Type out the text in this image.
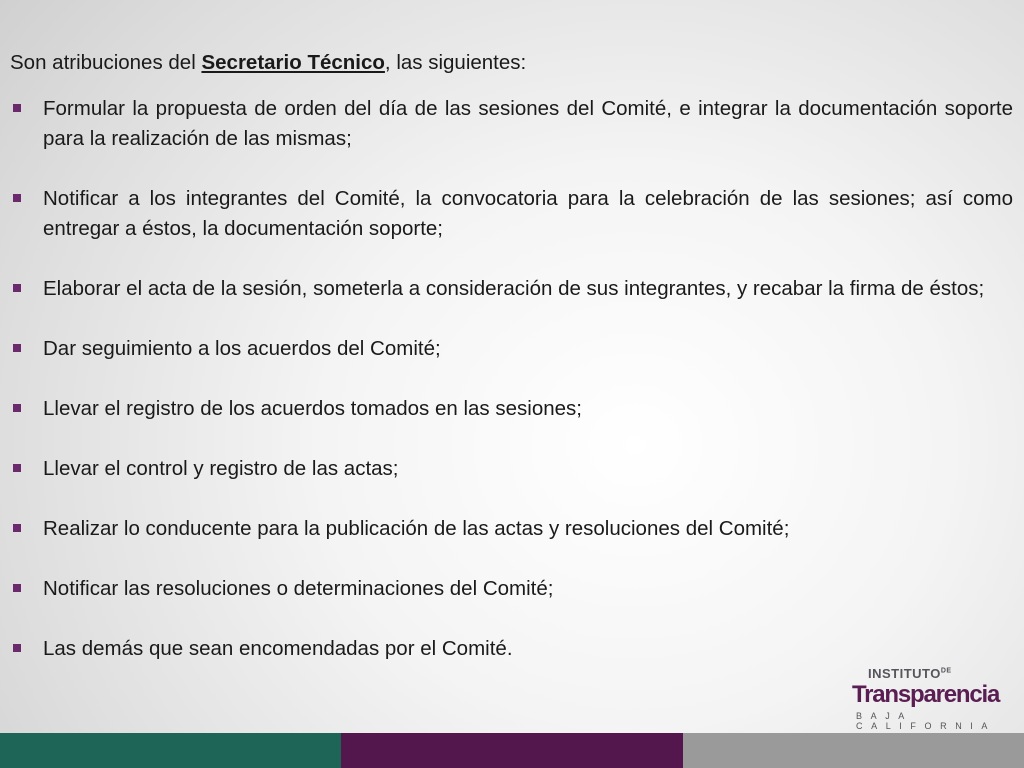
Son atribuciones del Secretario Técnico, las siguientes:

Formular la propuesta de orden del día de las sesiones del Comité, e integrar la documentación soporte para la realización de las mismas;
Notificar a los integrantes del Comité, la convocatoria para la celebración de las sesiones; así como entregar a éstos, la documentación soporte;
Elaborar el acta de la sesión, someterla a consideración de sus integrantes, y recabar la firma de éstos;
Dar seguimiento a los acuerdos del Comité;
Llevar el registro de los acuerdos tomados en las sesiones;
Llevar el control y registro de las actas;
Realizar lo conducente para la publicación de las actas y resoluciones del Comité;
Notificar las resoluciones o determinaciones del Comité;
Las demás que sean encomendadas por el Comité.
$INSTITUTO^{DE}$
Transparencia
BAJA CALIFORNIA
